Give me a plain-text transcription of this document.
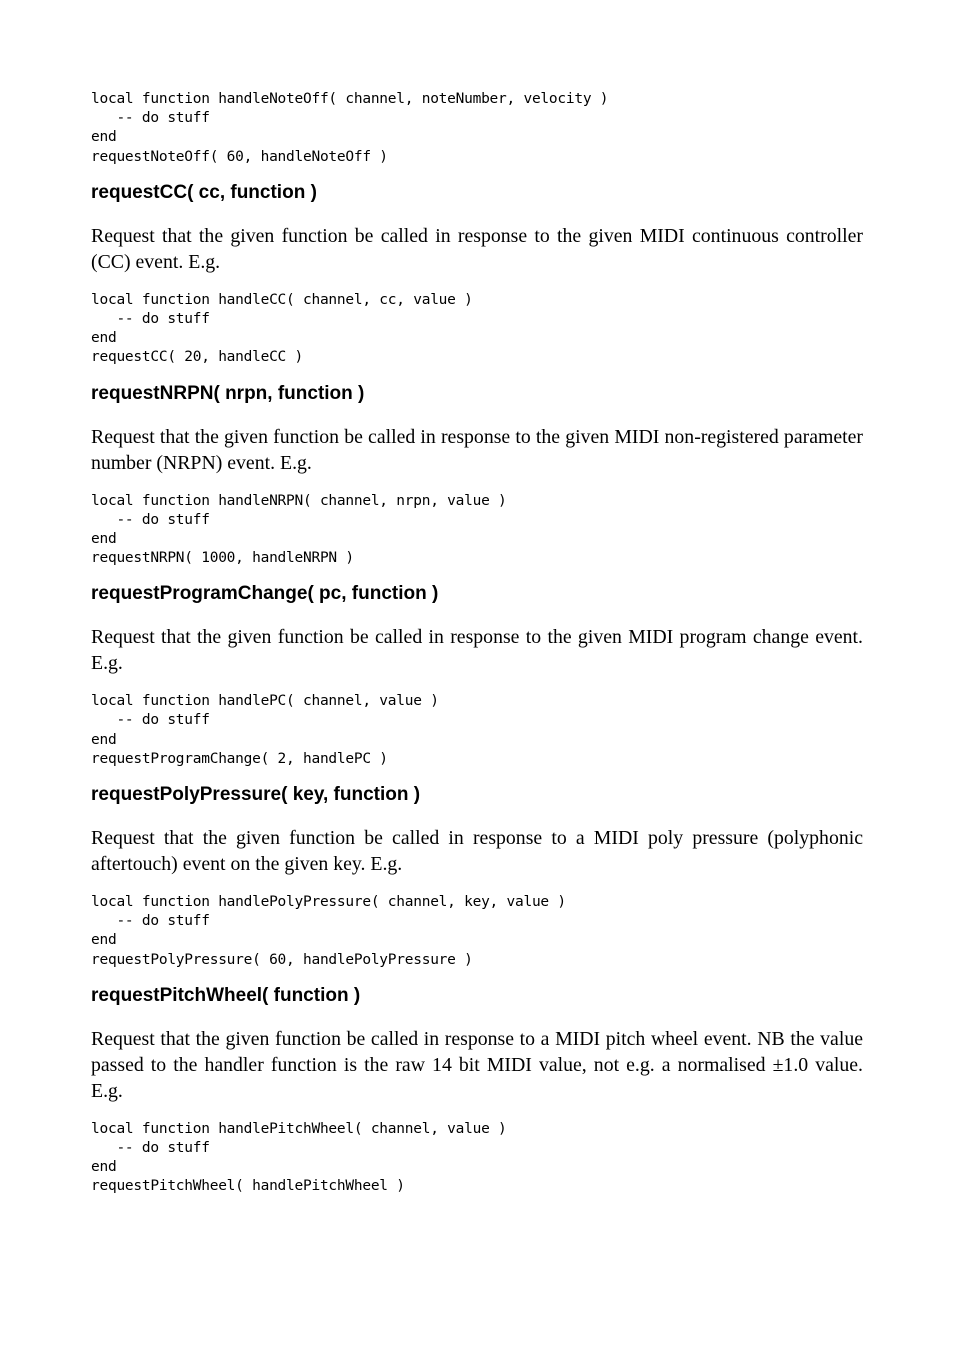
local function handleNoteOff( channel, noteNumber, velocity )
-- do stuff
end
requestNoteOff( 60, handleNoteOff )
requestCC( cc, function )

Request that the given function be called in response to the given MIDI continuous controller (CC) event. E.g.

local function handleCC( channel, cc, value )
-- do stuff
end
requestCC( 20, handleCC )
requestNRPN( nrpn, function )

Request that the given function be called in response to the given MIDI non-registered parameter number (NRPN) event. E.g.

local function handleNRPN( channel, nrpn, value )
-- do stuff
end
requestNRPN( 1000, handleNRPN )
requestProgramChange( pc, function )

Request that the given function be called in response to the given MIDI program change event. E.g.

local function handlePC( channel, value )
-- do stuff
end
requestProgramChange( 2, handlePC )
requestPolyPressure( key, function )

Request that the given function be called in response to a MIDI poly pressure (polyphonic aftertouch) event on the given key. E.g.

local function handlePolyPressure( channel, key, value )
-- do stuff
end
requestPolyPressure( 60, handlePolyPressure )
requestPitchWheel( function )

Request that the given function be called in response to a MIDI pitch wheel event. NB the value passed to the handler function is the raw 14 bit MIDI value, not e.g. a normalised ±1.0 value. E.g.

local function handlePitchWheel( channel, value )
-- do stuff
end
requestPitchWheel( handlePitchWheel )
